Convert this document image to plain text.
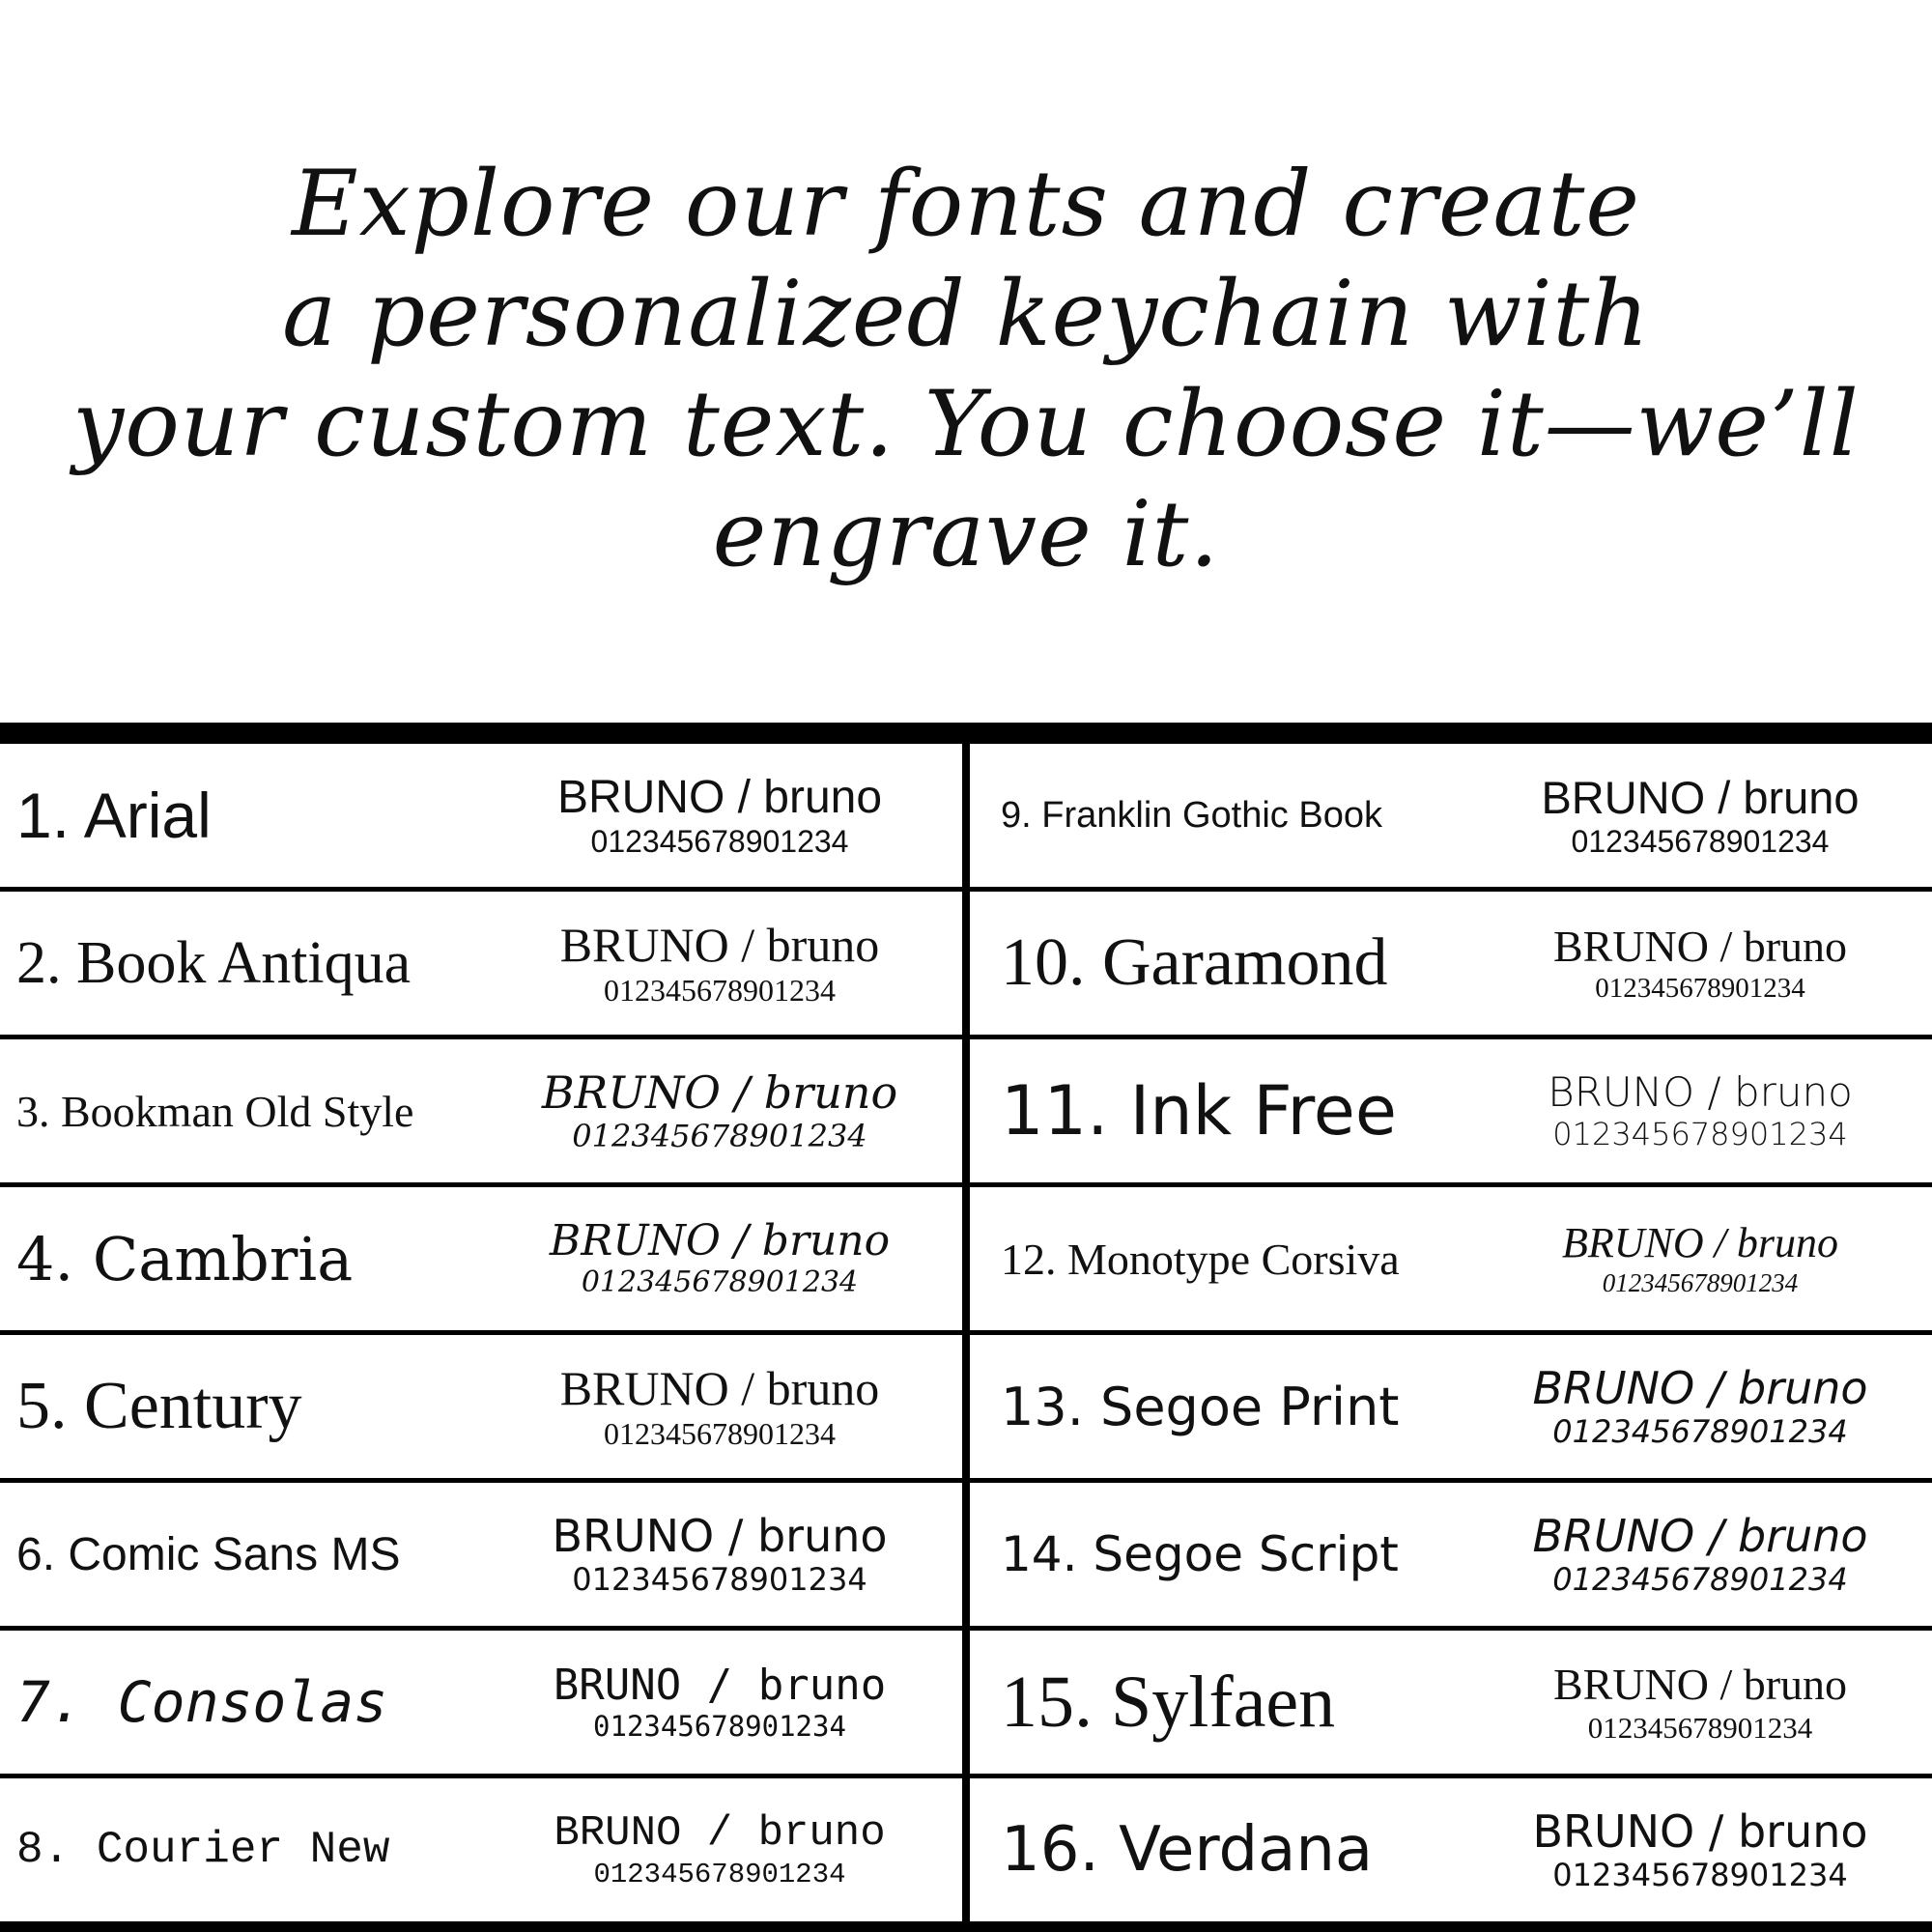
Explore our fonts and create
a personalized keychain with
your custom text. You choose it—we’ll
engrave it.
1. Arial	BRUNO / bruno
012345678901234
2. Book Antiqua	BRUNO / bruno
012345678901234
3. Bookman Old Style	BRUNO / bruno
012345678901234
4. Cambria	BRUNO / bruno
012345678901234
5. Century	BRUNO / bruno
012345678901234
6. Comic Sans MS	BRUNO / bruno
012345678901234
7. Consolas	BRUNO / bruno
012345678901234
8. Courier New	BRUNO / bruno
012345678901234
9. Franklin Gothic Book	BRUNO / bruno
012345678901234
10. Garamond	BRUNO / bruno
012345678901234
11. Ink Free	BRUNO / bruno
012345678901234
12. Monotype Corsiva	BRUNO / bruno
012345678901234
13. Segoe Print	BRUNO / bruno
012345678901234
14. Segoe Script	BRUNO / bruno
012345678901234
15. Sylfaen	BRUNO / bruno
012345678901234
16. Verdana	BRUNO / bruno
012345678901234
